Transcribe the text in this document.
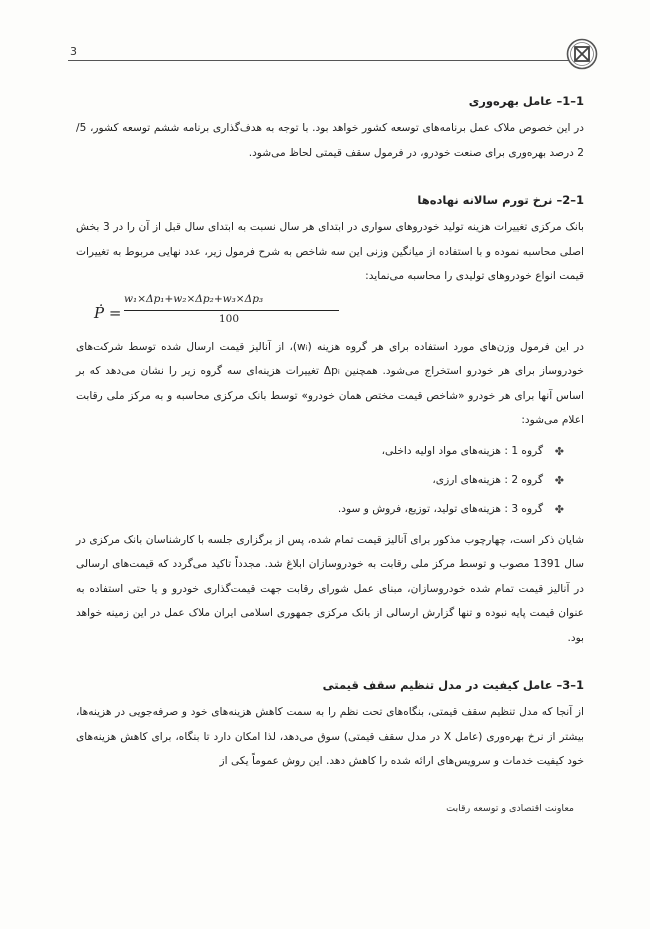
3
1–1– عامل بهره‌وری

در این خصوص ملاک عمل برنامه‌های توسعه کشور خواهد بود. با توجه به هدف‌گذاری برنامه ششم توسعه کشور، 5/ 2 درصد بهره‌وری برای صنعت خودرو، در فرمول سقف قیمتی لحاظ می‌شود.

1–2– نرخ تورم سالانه نهاده‌ها

بانک مرکزی تغییرات هزینه تولید خودروهای سواری در ابتدای هر سال نسبت به ابتدای سال قبل از آن را در 3 بخش اصلی محاسبه نموده و با استفاده از میانگین وزنی این سه شاخص به شرح فرمول زیر، عدد نهایی مربوط به تغییرات قیمت انواع خودروهای تولیدی را محاسبه می‌نماید:

Ṗ =
w₁×Δp₁+w₂×Δp₂+w₃×Δp₃
100

در این فرمول وزن‌های مورد استفاده برای هر گروه هزینه (wᵢ)، از آنالیز قیمت ارسال شده توسط شرکت‌های خودروساز برای هر خودرو استخراج می‌شود. همچنین Δpᵢ تغییرات هزینه‌ای سه گروه زیر را نشان می‌دهد که بر اساس آنها برای هر خودرو «شاخص قیمت مختص همان خودرو» توسط بانک مرکزی محاسبه و به مرکز ملی رقابت اعلام می‌شود:

✤
گروه 1 : هزینه‌های مواد اولیه داخلی،
✤
گروه 2 : هزینه‌های ارزی،
✤
گروه 3 : هزینه‌های تولید، توزیع، فروش و سود.

شایان ذکر است، چهارچوب مذکور برای آنالیز قیمت تمام شده، پس از برگزاری جلسه با کارشناسان بانک مرکزی در سال 1391 مصوب و توسط مرکز ملی رقابت به خودروسازان ابلاغ شد. مجدداً تاکید می‌گردد که قیمت‌های ارسالی در آنالیز قیمت تمام شده خودروسازان، مبنای عمل شورای رقابت جهت قیمت‌گذاری خودرو و یا حتی استفاده به عنوان قیمت پایه نبوده و تنها گزارش ارسالی از بانک مرکزی جمهوری اسلامی ایران ملاک عمل در این زمینه خواهد بود.

1–3– عامل کیفیت در مدل تنظیم سقف قیمتی

از آنجا که مدل تنظیم سقف قیمتی، بنگاه‌های تحت نظم را به سمت کاهش هزینه‌های خود و صرفه‌جویی در هزینه‌ها، بیشتر از نرخ بهره‌وری (عامل X در مدل سقف قیمتی) سوق می‌دهد، لذا امکان دارد تا بنگاه، برای کاهش هزینه‌های خود کیفیت خدمات و سرویس‌های ارائه شده را کاهش دهد. این روش عموماً یکی از

معاونت اقتصادی و توسعه رقابت
